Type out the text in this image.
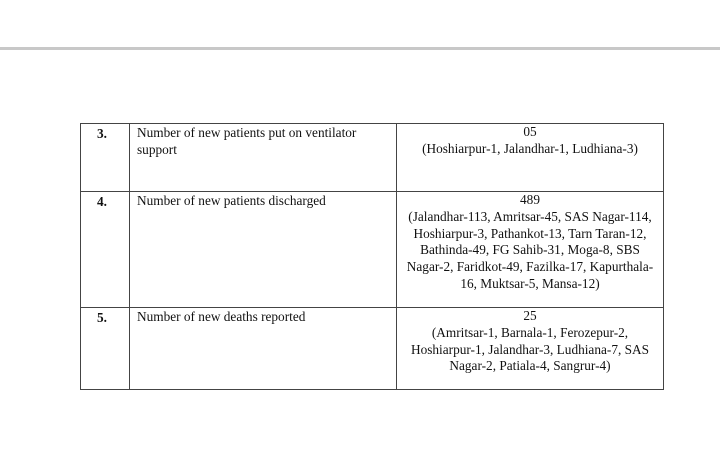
3.	Number of new patients put on ventilator support	05
(Hoshiarpur-1, Jalandhar-1, Ludhiana-3)

4.	Number of new patients discharged	489
(Jalandhar-113, Amritsar-45, SAS Nagar-114, Hoshiarpur-3, Pathankot-13, Tarn Taran-12, Bathinda-49, FG Sahib-31, Moga-8, SBS Nagar-2, Faridkot-49, Fazilka-17, Kapurthala-16, Muktsar-5, Mansa-12)

5.	Number of new deaths reported	25
(Amritsar-1, Barnala-1, Ferozepur-2, Hoshiarpur-1, Jalandhar-3, Ludhiana-7, SAS Nagar-2, Patiala-4, Sangrur-4)
